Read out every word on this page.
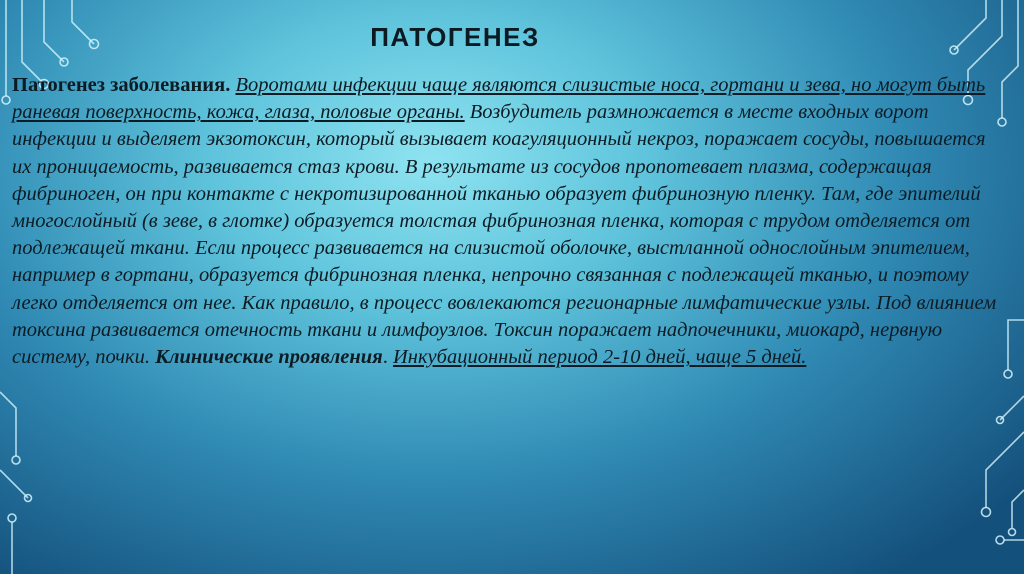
ПАТОГЕНЕЗ

Патогенез заболевания. Воротами инфекции чаще являются слизистые носа, гортани и зева, но могут быть раневая поверхность, кожа, глаза, половые органы. Возбудитель размножается в месте входных ворот инфекции и выделяет экзотоксин, который вызывает коагуляционный некроз, поражает сосуды, повышается их проницаемость, развивается стаз крови. В результате из сосудов пропотевает плазма, содержащая фибриноген, он при контакте с некротизированной тканью образует фибринозную пленку. Там, где эпителий многослойный (в зеве, в глотке) образуется толстая фибринозная пленка, которая с трудом отделяется от подлежащей ткани. Если процесс развивается на слизистой оболочке, выстланной однослойным эпителием, например в гортани, образуется фибринозная пленка, непрочно связанная с подлежащей тканью, и поэтому легко отделяется от нее. Как правило, в процесс вовлекаются регионарные лимфатические узлы. Под влиянием токсина развивается отечность ткани и лимфоузлов. Токсин поражает надпочечники, миокард, нервную систему, почки. Клинические проявления. Инкубационный период 2-10 дней, чаще 5 дней.
